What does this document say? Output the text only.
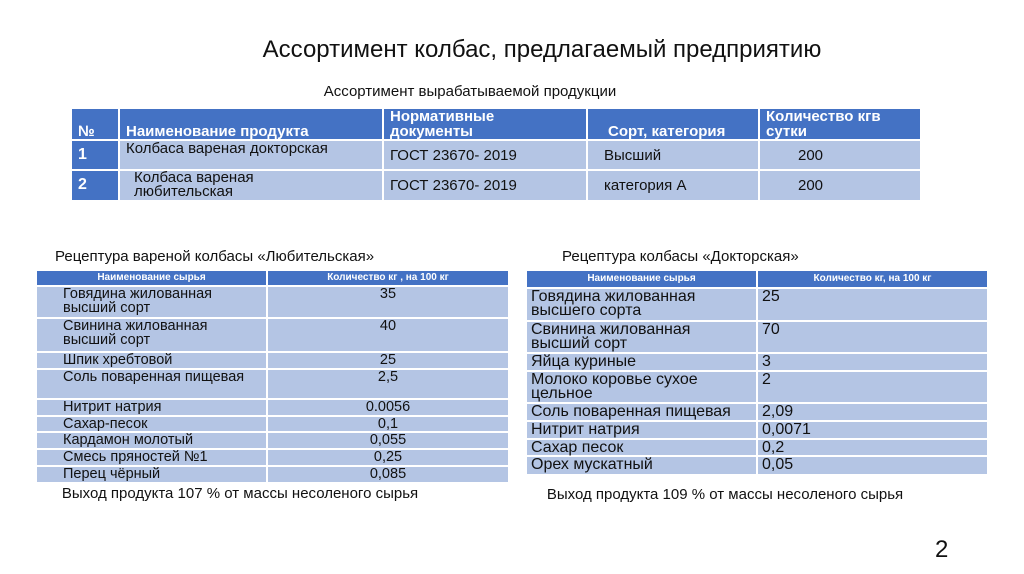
Ассортимент колбас, предлагаемый предприятию
Ассортимент вырабатываемой продукции
№	Наименование продукта	Нормативные документы	Сорт, категория	Количество кгв сутки
1	Колбаса вареная докторская	ГОСТ 23670- 2019	Высший	200
2	Колбаса вареная любительская	ГОСТ 23670- 2019	категория А	200
Рецептура вареной колбасы «Любительская»	Рецептура колбасы «Докторская»
Наименование сырья	Количество кг , на 100 кг
Говядина жилованная высший сорт	35
Свинина жилованная высший сорт	40
Шпик хребтовой	25
Соль поваренная пищевая	2,5
Нитрит натрия	0.0056
Сахар-песок	0,1
Кардамон молотый	0,055
Смесь пряностей №1	0,25
Перец чёрный	0,085
Наименование сырья	Количество кг, на 100 кг
Говядина жилованная высшего сорта	25
Свинина жилованная высший сорт	70
Яйца куриные	3
Молоко коровье сухое цельное	2
Соль поваренная пищевая	2,09
Нитрит натрия	0,0071
Сахар песок	0,2
Орех мускатный	0,05
Выход продукта 107 % от массы несоленого сырья	Выход продукта 109 % от массы несоленого сырья
2
